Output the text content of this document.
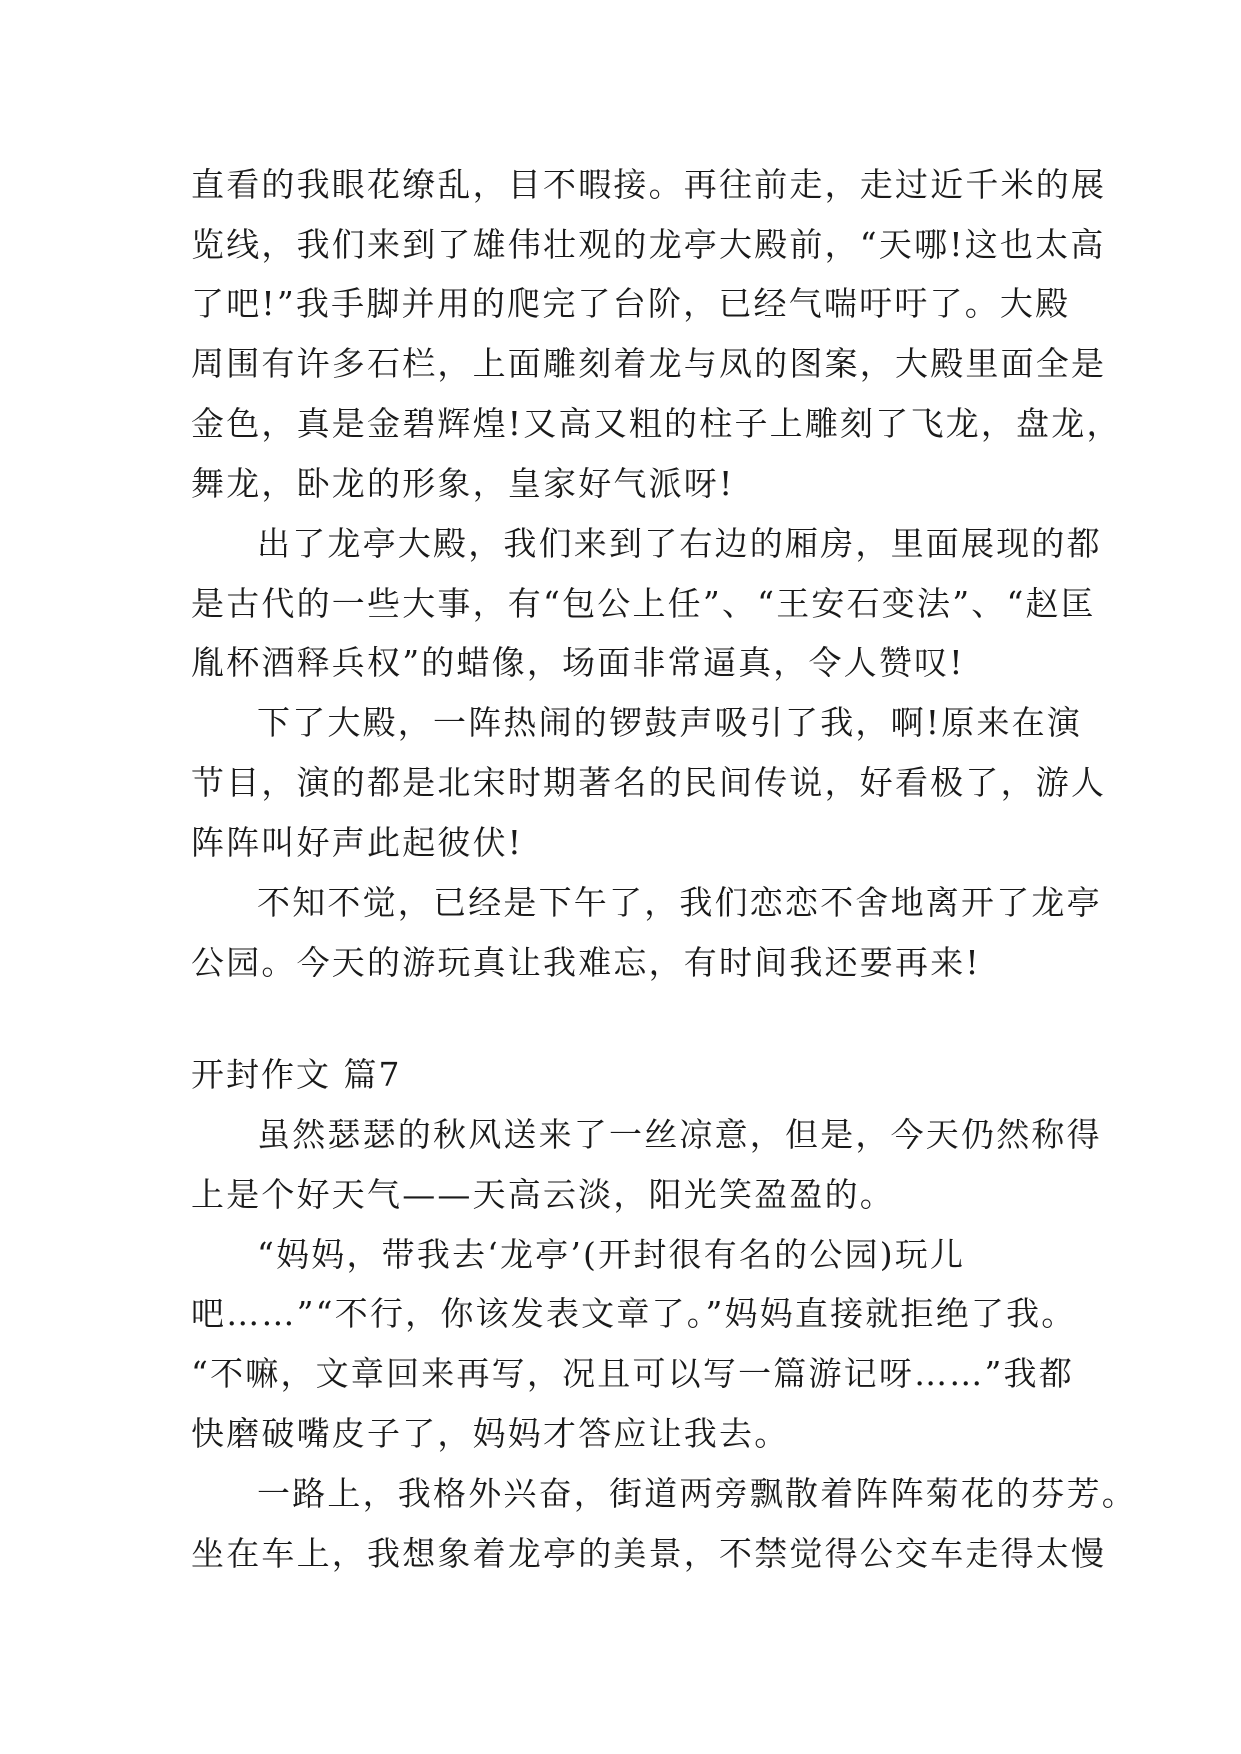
直看的我眼花缭乱，目不暇接。再往前走，走过近千米的展
览线，我们来到了雄伟壮观的龙亭大殿前，“天哪!这也太高
了吧!”我手脚并用的爬完了台阶，已经气喘吁吁了。大殿
周围有许多石栏，上面雕刻着龙与凤的图案，大殿里面全是
金色，真是金碧辉煌!又高又粗的柱子上雕刻了飞龙，盘龙，
舞龙，卧龙的形象，皇家好气派呀!
出了龙亭大殿，我们来到了右边的厢房，里面展现的都
是古代的一些大事，有“包公上任”、“王安石变法”、“赵匡
胤杯酒释兵权”的蜡像，场面非常逼真，令人赞叹!
下了大殿，一阵热闹的锣鼓声吸引了我，啊!原来在演
节目，演的都是北宋时期著名的民间传说，好看极了，游人
阵阵叫好声此起彼伏!
不知不觉，已经是下午了，我们恋恋不舍地离开了龙亭
公园。今天的游玩真让我难忘，有时间我还要再来!
开封作文 篇7
虽然瑟瑟的秋风送来了一丝凉意，但是，今天仍然称得
上是个好天气——天高云淡，阳光笑盈盈的。
“妈妈，带我去‘龙亭’(开封很有名的公园)玩儿
吧……”“不行，你该发表文章了。”妈妈直接就拒绝了我。
“不嘛，文章回来再写，况且可以写一篇游记呀……”我都
快磨破嘴皮子了，妈妈才答应让我去。
一路上，我格外兴奋，街道两旁飘散着阵阵菊花的芬芳。
坐在车上，我想象着龙亭的美景，不禁觉得公交车走得太慢
